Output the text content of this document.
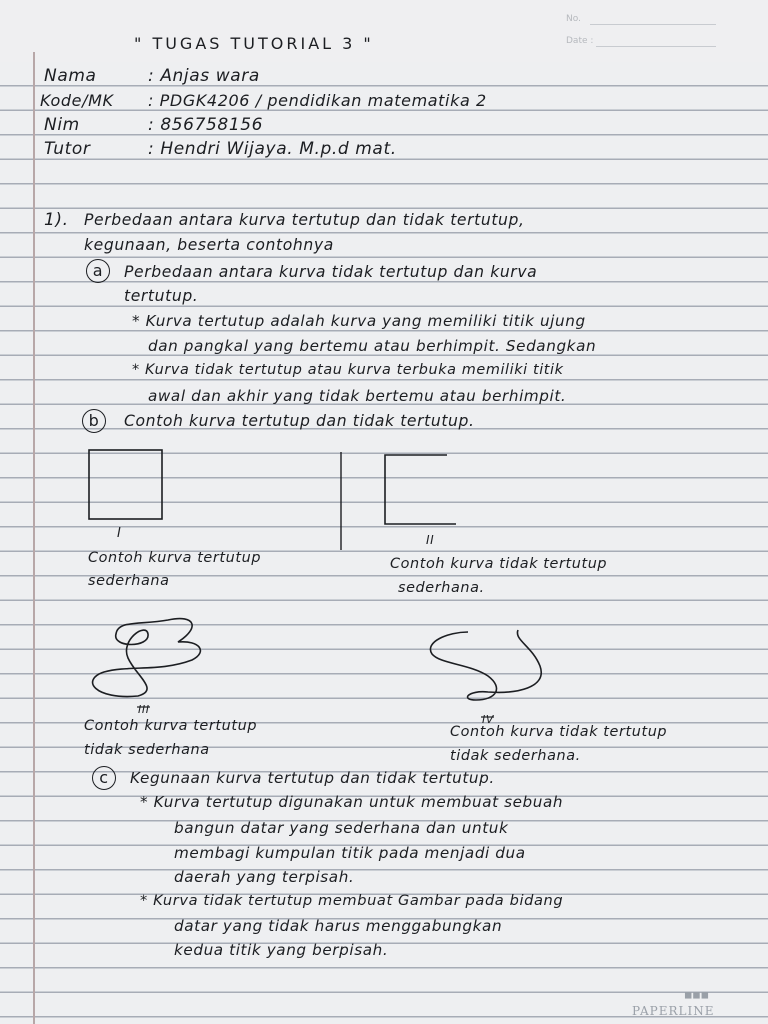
No.
Date :
" TUGAS TUTORIAL 3 "
Nama	: Anjas wara
Kode/MK : PDGK4206 / pendidikan matematika 2
Nim	: 856758156
Tutor	: Hendri Wijaya. M.p.d mat.
1). Perbedaan antara kurva tertutup dan tidak tertutup,
kegunaan, beserta contohnya
a	Perbedaan antara kurva tidak tertutup dan kurva
tertutup.
* Kurva tertutup adalah kurva yang memiliki titik ujung
dan pangkal yang bertemu atau berhimpit. Sedangkan
* Kurva tidak tertutup atau kurva terbuka memiliki titik
awal dan akhir yang tidak bertemu atau berhimpit.
b	Contoh kurva tertutup dan tidak tertutup.
I
Contoh kurva tertutup
sederhana
II
Contoh kurva tidak tertutup
sederhana.
III
Contoh kurva tertutup
tidak sederhana
IV
Contoh kurva tidak tertutup
tidak sederhana.
c	Kegunaan kurva tertutup dan tidak tertutup.
* Kurva tertutup digunakan untuk membuat sebuah
bangun datar yang sederhana dan untuk
membagi kumpulan titik pada menjadi dua
daerah yang terpisah.
* Kurva tidak tertutup membuat Gambar pada bidang
datar yang tidak harus menggabungkan
kedua titik yang berpisah.
◼◼◼
PAPERLINE
